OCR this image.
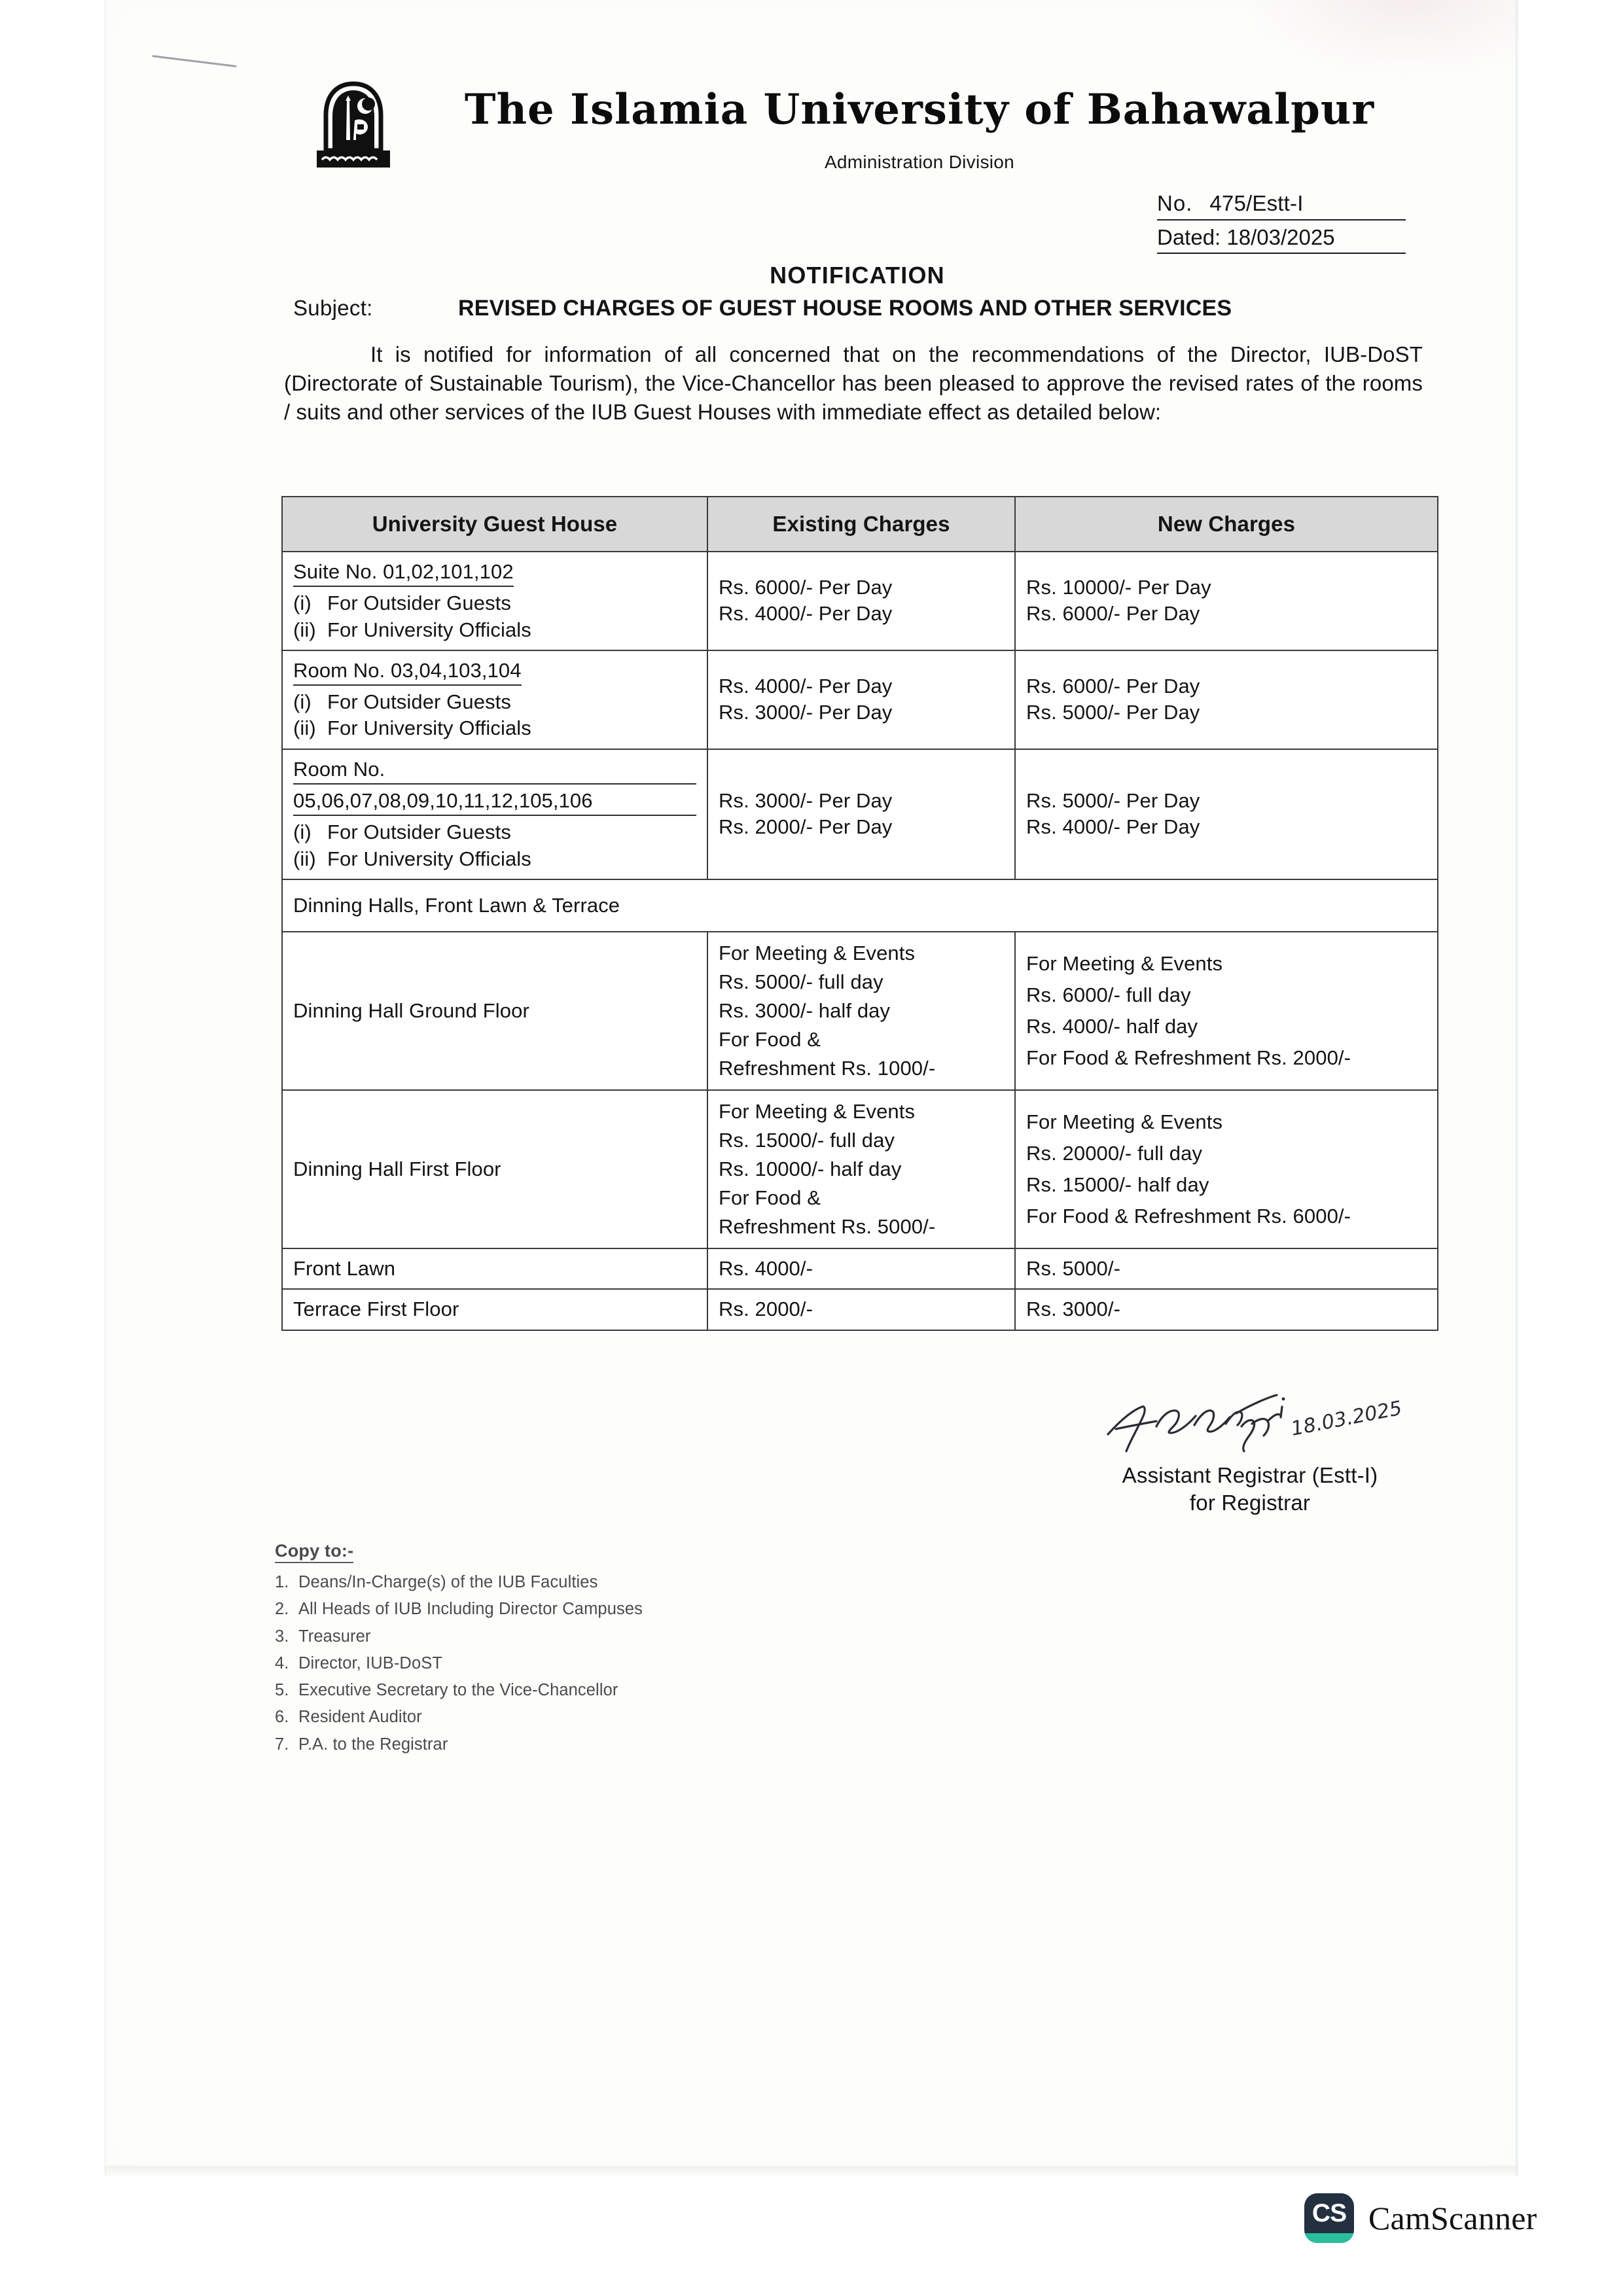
The Islamia University of Bahawalpur
Administration Division
No. 475/Estt-I
Dated: 18/03/2025
NOTIFICATION
Subject:	REVISED CHARGES OF GUEST HOUSE ROOMS AND OTHER SERVICES
It is notified for information of all concerned that on the recommendations of the Director, IUB-DoST (Directorate of Sustainable Tourism), the Vice-Chancellor has been pleased to approve the revised rates of the rooms / suits and other services of the IUB Guest Houses with immediate effect as detailed below:
University Guest House	Existing Charges	New Charges
Suite No. 01,02,101,102
(i) For Outsider Guests
(ii) For University Officials	Rs. 6000/- Per Day
Rs. 4000/- Per Day	Rs. 10000/- Per Day
Rs. 6000/- Per Day

Room No. 03,04,103,104
(i) For Outsider Guests
(ii) For University Officials	Rs. 4000/- Per Day
Rs. 3000/- Per Day	Rs. 6000/- Per Day
Rs. 5000/- Per Day

Room No.
05,06,07,08,09,10,11,12,105,106
(i) For Outsider Guests
(ii) For University Officials	Rs. 3000/- Per Day
Rs. 2000/- Per Day	Rs. 5000/- Per Day
Rs. 4000/- Per Day

Dinning Halls, Front Lawn & Terrace		
Dinning Hall Ground Floor	For Meeting & Events
Rs. 5000/- full day
Rs. 3000/- half day
For Food &
Refreshment Rs. 1000/-	For Meeting & Events
Rs. 6000/- full day
Rs. 4000/- half day
For Food & Refreshment Rs. 2000/-

Dinning Hall First Floor	For Meeting & Events
Rs. 15000/- full day
Rs. 10000/- half day
For Food &
Refreshment Rs. 5000/-	For Meeting & Events
Rs. 20000/- full day
Rs. 15000/- half day
For Food & Refreshment Rs. 6000/-

Front Lawn	Rs. 4000/-	Rs. 5000/-
Terrace First Floor	Rs. 2000/-	Rs. 3000/-
18.03.2025
Assistant Registrar (Estt-I)
for Registrar
Copy to:-
1. Deans/In-Charge(s) of the IUB Faculties
2. All Heads of IUB Including Director Campuses
3. Treasurer
4. Director, IUB-DoST
5. Executive Secretary to the Vice-Chancellor
6. Resident Auditor
7. P.A. to the Registrar
CS CamScanner
